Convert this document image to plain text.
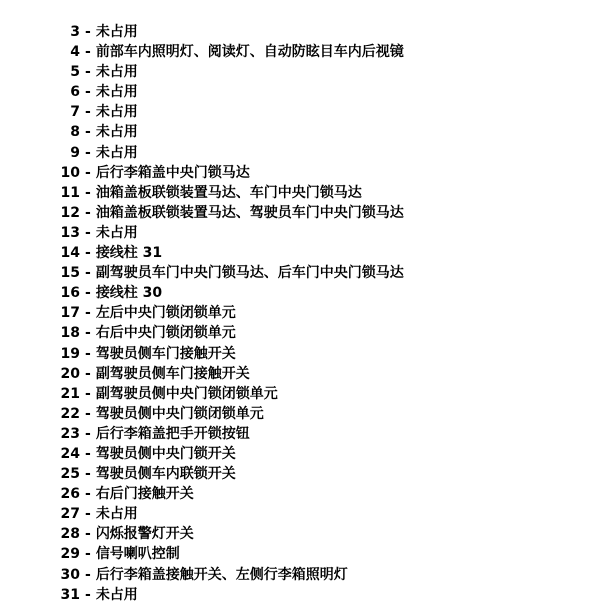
3 - 未占用
4 - 前部车内照明灯、阅读灯、自动防眩目车内后视镜
5 - 未占用
6 - 未占用
7 - 未占用
8 - 未占用
9 - 未占用
10 - 后行李箱盖中央门锁马达
11 - 油箱盖板联锁装置马达、车门中央门锁马达
12 - 油箱盖板联锁装置马达、驾驶员车门中央门锁马达
13 - 未占用
14 - 接线柱 31
15 - 副驾驶员车门中央门锁马达、后车门中央门锁马达
16 - 接线柱 30
17 - 左后中央门锁闭锁单元
18 - 右后中央门锁闭锁单元
19 - 驾驶员侧车门接触开关
20 - 副驾驶员侧车门接触开关
21 - 副驾驶员侧中央门锁闭锁单元
22 - 驾驶员侧中央门锁闭锁单元
23 - 后行李箱盖把手开锁按钮
24 - 驾驶员侧中央门锁开关
25 - 驾驶员侧车内联锁开关
26 - 右后门接触开关
27 - 未占用
28 - 闪烁报警灯开关
29 - 信号喇叭控制
30 - 后行李箱盖接触开关、左侧行李箱照明灯
31 - 未占用
